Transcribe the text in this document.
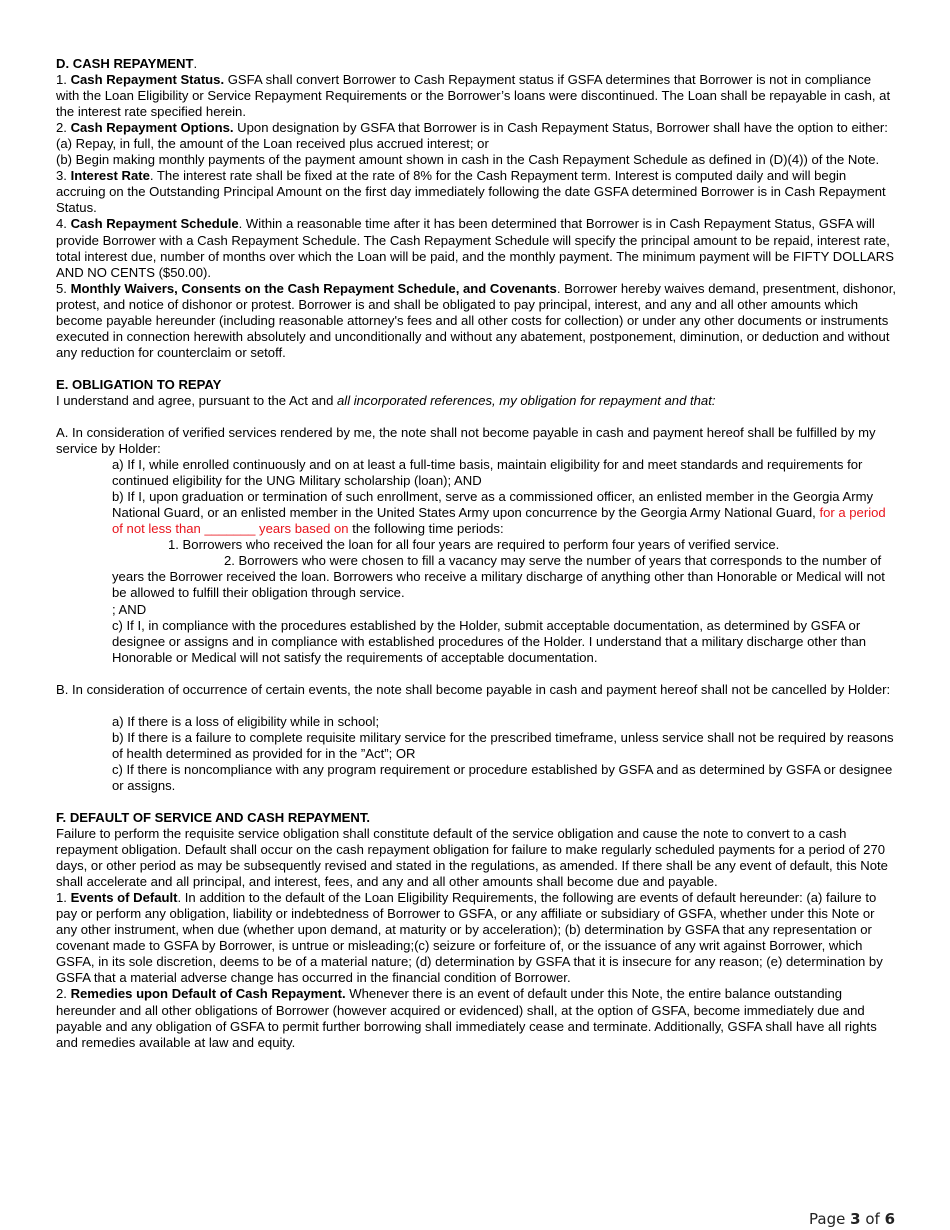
D. CASH REPAYMENT.

1. Cash Repayment Status. GSFA shall convert Borrower to Cash Repayment status if GSFA determines that Borrower is not in compliance with the Loan Eligibility or Service Repayment Requirements or the Borrower’s loans were discontinued. The Loan shall be repayable in cash, at the interest rate specified herein.

2. Cash Repayment Options. Upon designation by GSFA that Borrower is in Cash Repayment Status, Borrower shall have the option to either:

(a) Repay, in full, the amount of the Loan received plus accrued interest; or

(b) Begin making monthly payments of the payment amount shown in cash in the Cash Repayment Schedule as defined in (D)(4)) of the Note.

3. Interest Rate. The interest rate shall be fixed at the rate of 8% for the Cash Repayment term. Interest is computed daily and will begin accruing on the Outstanding Principal Amount on the first day immediately following the date GSFA determined Borrower is in Cash Repayment Status.

4. Cash Repayment Schedule. Within a reasonable time after it has been determined that Borrower is in Cash Repayment Status, GSFA will provide Borrower with a Cash Repayment Schedule. The Cash Repayment Schedule will specify the principal amount to be repaid, interest rate, total interest due, number of months over which the Loan will be paid, and the monthly payment. The minimum payment will be FIFTY DOLLARS AND NO CENTS ($50.00).

5. Monthly Waivers, Consents on the Cash Repayment Schedule, and Covenants. Borrower hereby waives demand, presentment, dishonor, protest, and notice of dishonor or protest. Borrower is and shall be obligated to pay principal, interest, and any and all other amounts which become payable hereunder (including reasonable attorney's fees and all other costs for collection) or under any other documents or instruments executed in connection herewith absolutely and unconditionally and without any abatement, postponement, diminution, or deduction and without any reduction for counterclaim or setoff.

E. OBLIGATION TO REPAY

I understand and agree, pursuant to the Act and all incorporated references, my obligation for repayment and that:

A. In consideration of verified services rendered by me, the note shall not become payable in cash and payment hereof shall be fulfilled by my service by Holder:

a) If I, while enrolled continuously and on at least a full-time basis, maintain eligibility for and meet standards and requirements for continued eligibility for the UNG Military scholarship (loan); AND

b) If I, upon graduation or termination of such enrollment, serve as a commissioned officer, an enlisted member in the Georgia Army National Guard, or an enlisted member in the United States Army upon concurrence by the Georgia Army National Guard, for a period of not less than _______ years based on the following time periods:

1. Borrowers who received the loan for all four years are required to perform four years of verified service.

2. Borrowers who were chosen to fill a vacancy may serve the number of years that corresponds to the number of years the Borrower received the loan. Borrowers who receive a military discharge of anything other than Honorable or Medical will not be allowed to fulfill their obligation through service.

; AND

c) If I, in compliance with the procedures established by the Holder, submit acceptable documentation, as determined by GSFA or designee or assigns and in compliance with established procedures of the Holder. I understand that a military discharge other than Honorable or Medical will not satisfy the requirements of acceptable documentation.

B. In consideration of occurrence of certain events, the note shall become payable in cash and payment hereof shall not be cancelled by Holder:

a) If there is a loss of eligibility while in school;

b) If there is a failure to complete requisite military service for the prescribed timeframe, unless service shall not be required by reasons of health determined as provided for in the ”Act”; OR

c) If there is noncompliance with any program requirement or procedure established by GSFA and as determined by GSFA or designee or assigns.

F. DEFAULT OF SERVICE AND CASH REPAYMENT.

Failure to perform the requisite service obligation shall constitute default of the service obligation and cause the note to convert to a cash repayment obligation. Default shall occur on the cash repayment obligation for failure to make regularly scheduled payments for a period of 270 days, or other period as may be subsequently revised and stated in the regulations, as amended. If there shall be any event of default, this Note shall accelerate and all principal, and interest, fees, and any and all other amounts shall become due and payable.

1. Events of Default. In addition to the default of the Loan Eligibility Requirements, the following are events of default hereunder: (a) failure to pay or perform any obligation, liability or indebtedness of Borrower to GSFA, or any affiliate or subsidiary of GSFA, whether under this Note or any other instrument, when due (whether upon demand, at maturity or by acceleration); (b) determination by GSFA that any representation or covenant made to GSFA by Borrower, is untrue or misleading;(c) seizure or forfeiture of, or the issuance of any writ against Borrower, which GSFA, in its sole discretion, deems to be of a material nature; (d) determination by GSFA that it is insecure for any reason; (e) determination by GSFA that a material adverse change has occurred in the financial condition of Borrower.

2. Remedies upon Default of Cash Repayment. Whenever there is an event of default under this Note, the entire balance outstanding hereunder and all other obligations of Borrower (however acquired or evidenced) shall, at the option of GSFA, become immediately due and payable and any obligation of GSFA to permit further borrowing shall immediately cease and terminate. Additionally, GSFA shall have all rights and remedies available at law and equity.

Page 3 of 6
